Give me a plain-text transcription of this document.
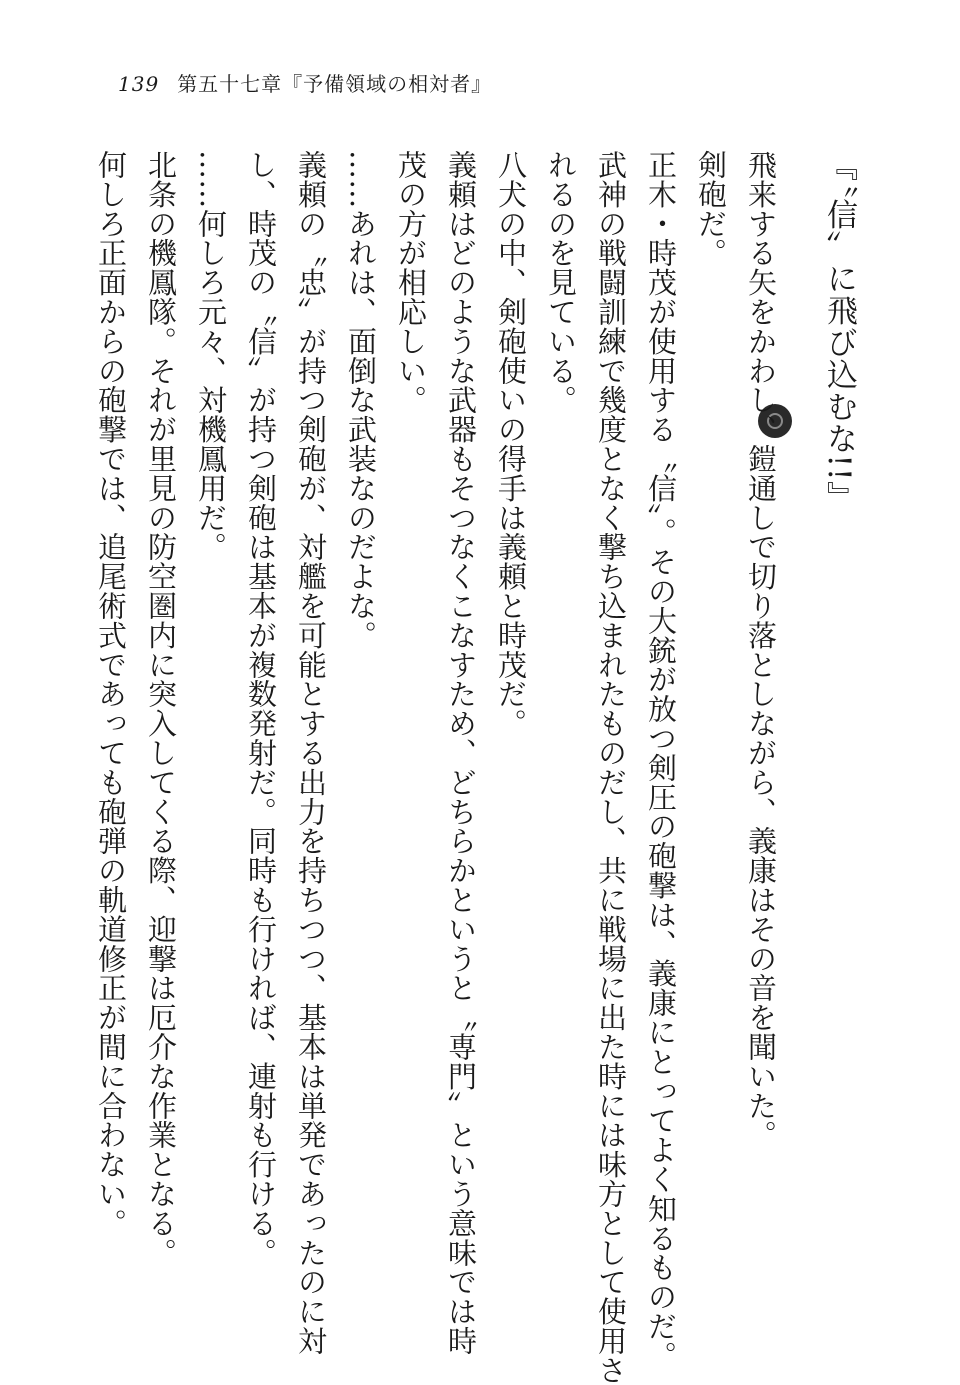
139 第五十七章『予備領域の相対者』
『〝信〟に飛び込むな!!』
飛来する矢をかわし、鎧通しで切り落としながら、義康はその音を聞いた。
剣砲だ。
正木・時茂が使用する〝信〟。その大銃が放つ剣圧の砲撃は、義康にとってよく知るものだ。
武神の戦闘訓練で幾度となく撃ち込まれたものだし、共に戦場に出た時には味方として使用さ
れるのを見ている。
八犬の中、剣砲使いの得手は義頼と時茂だ。
義頼はどのような武器もそつなくこなすため、どちらかというと〝専門〟という意味では時
茂の方が相応しい。
……あれは、面倒な武装なのだよな。
義頼の〝忠〟が持つ剣砲が、対艦を可能とする出力を持ちつつ、基本は単発であったのに対
し、時茂の〝信〟が持つ剣砲は基本が複数発射だ。同時も行ければ、連射も行ける。
……何しろ元々、対機鳳用だ。
北条の機鳳隊。それが里見の防空圏内に突入してくる際、迎撃は厄介な作業となる。
何しろ正面からの砲撃では、追尾術式であっても砲弾の軌道修正が間に合わない。
